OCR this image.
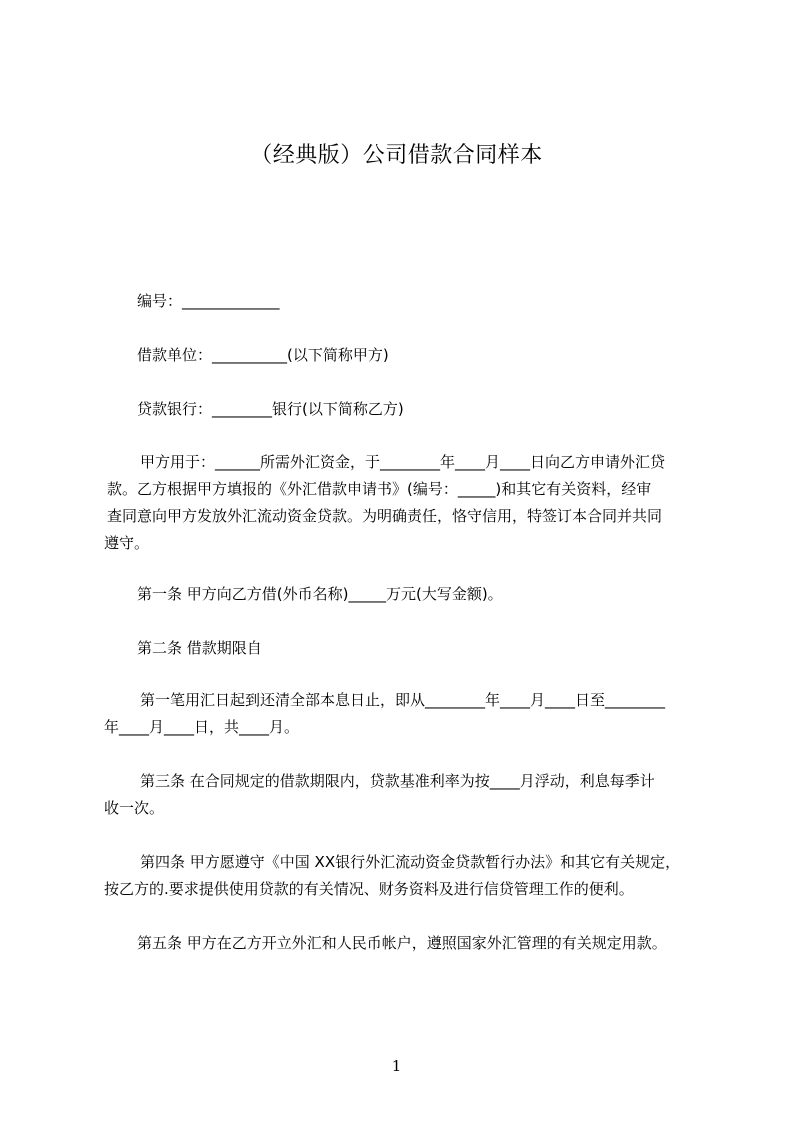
（经典版）公司借款合同样本
编号：_____________
借款单位：__________(以下简称甲方)
贷款银行：________银行(以下简称乙方)
甲方用于：______所需外汇资金，于________年____月____日向乙方申请外汇贷
款。乙方根据甲方填报的《外汇借款申请书》(编号：_____)和其它有关资料，经审
查同意向甲方发放外汇流动资金贷款。为明确责任，恪守信用，特签订本合同并共同
遵守。
第一条 甲方向乙方借(外币名称)_____万元(大写金额)。
第二条 借款期限自
第一笔用汇日起到还清全部本息日止，即从________年____月____日至________
年____月____日，共____月。
第三条 在合同规定的借款期限内，贷款基准利率为按____月浮动，利息每季计
收一次。
第四条 甲方愿遵守《中国 XX银行外汇流动资金贷款暂行办法》和其它有关规定，
按乙方的.要求提供使用贷款的有关情况、财务资料及进行信贷管理工作的便利。
第五条 甲方在乙方开立外汇和人民币帐户，遵照国家外汇管理的有关规定用款。
1
